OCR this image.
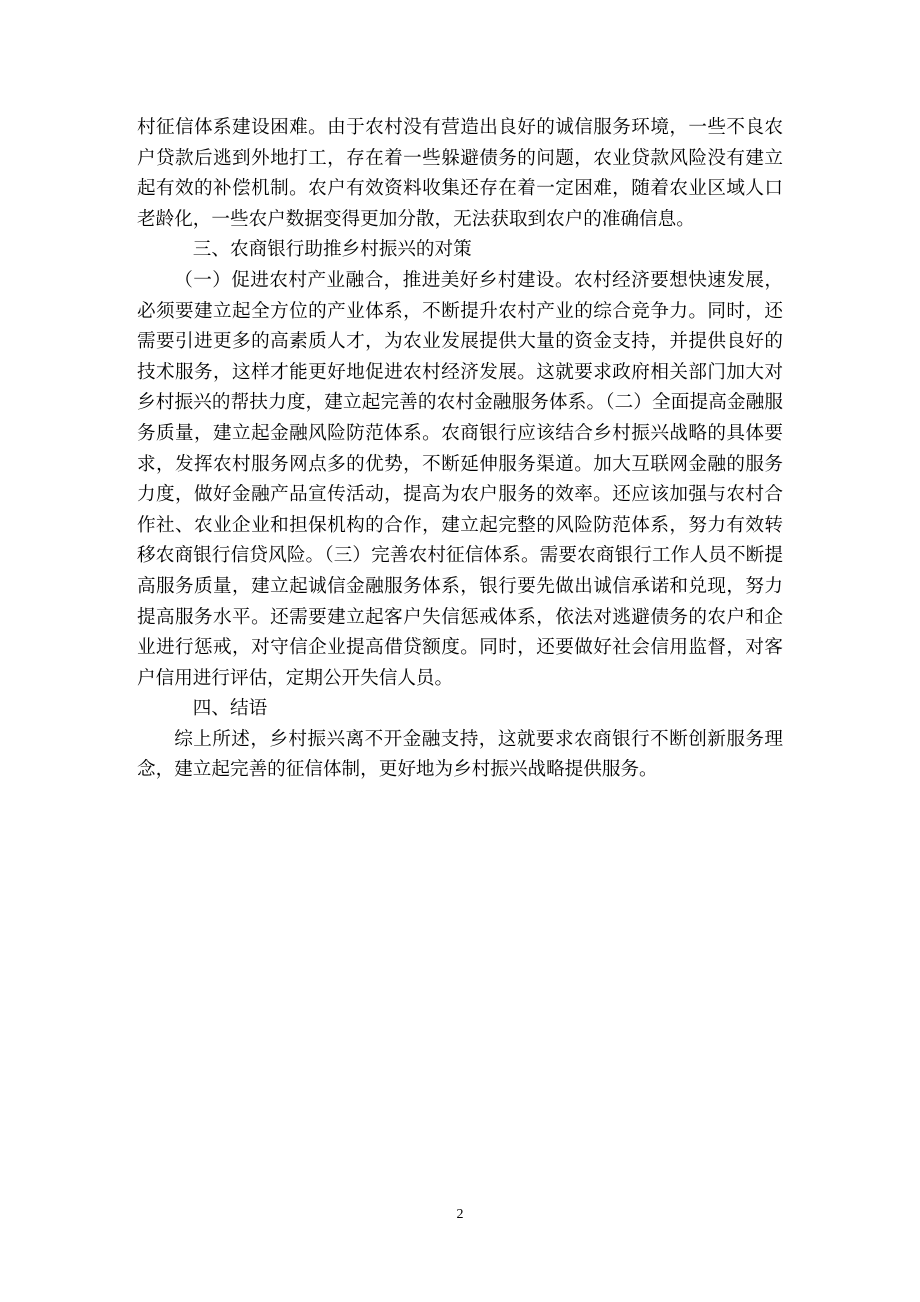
村征信体系建设困难。由于农村没有营造出良好的诚信服务环境，一些不良农户贷款后逃到外地打工，存在着一些躲避债务的问题，农业贷款风险没有建立起有效的补偿机制。农户有效资料收集还存在着一定困难，随着农业区域人口老龄化，一些农户数据变得更加分散，无法获取到农户的准确信息。

三、农商银行助推乡村振兴的对策

（一）促进农村产业融合，推进美好乡村建设。农村经济要想快速发展，必须要建立起全方位的产业体系，不断提升农村产业的综合竞争力。同时，还需要引进更多的高素质人才，为农业发展提供大量的资金支持，并提供良好的技术服务，这样才能更好地促进农村经济发展。这就要求政府相关部门加大对乡村振兴的帮扶力度，建立起完善的农村金融服务体系。（二）全面提高金融服务质量，建立起金融风险防范体系。农商银行应该结合乡村振兴战略的具体要求，发挥农村服务网点多的优势，不断延伸服务渠道。加大互联网金融的服务力度，做好金融产品宣传活动，提高为农户服务的效率。还应该加强与农村合作社、农业企业和担保机构的合作，建立起完整的风险防范体系，努力有效转移农商银行信贷风险。（三）完善农村征信体系。需要农商银行工作人员不断提高服务质量，建立起诚信金融服务体系，银行要先做出诚信承诺和兑现，努力提高服务水平。还需要建立起客户失信惩戒体系，依法对逃避债务的农户和企业进行惩戒，对守信企业提高借贷额度。同时，还要做好社会信用监督，对客户信用进行评估，定期公开失信人员。

四、结语

综上所述，乡村振兴离不开金融支持，这就要求农商银行不断创新服务理念，建立起完善的征信体制，更好地为乡村振兴战略提供服务。

2
